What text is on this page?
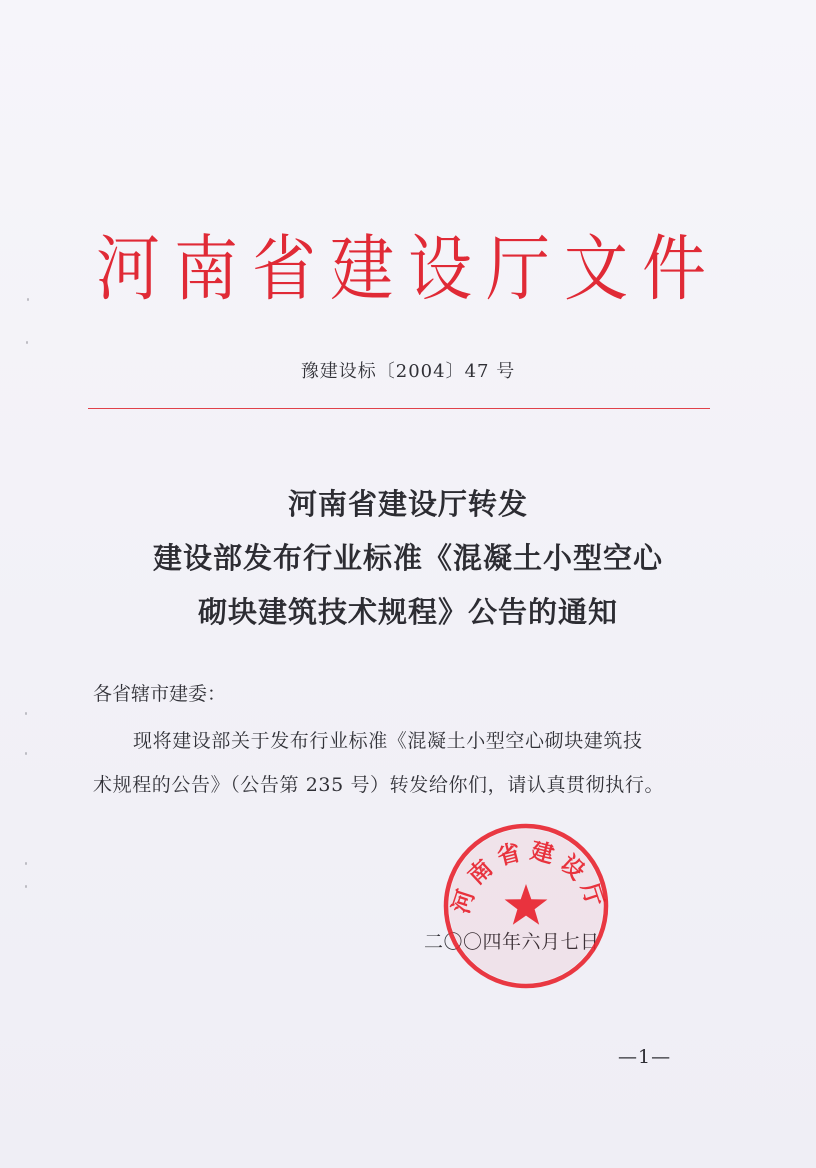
河南省建设厅文件
豫建设标〔2004〕47 号
河南省建设厅转发
建设部发布行业标准《混凝土小型空心
砌块建筑技术规程》公告的通知
各省辖市建委：
现将建设部关于发布行业标准《混凝土小型空心砌块建筑技
术规程的公告》（公告第 235 号）转发给你们，请认真贯彻执行。
二〇〇四年六月七日
河南省建设厅
—1—
